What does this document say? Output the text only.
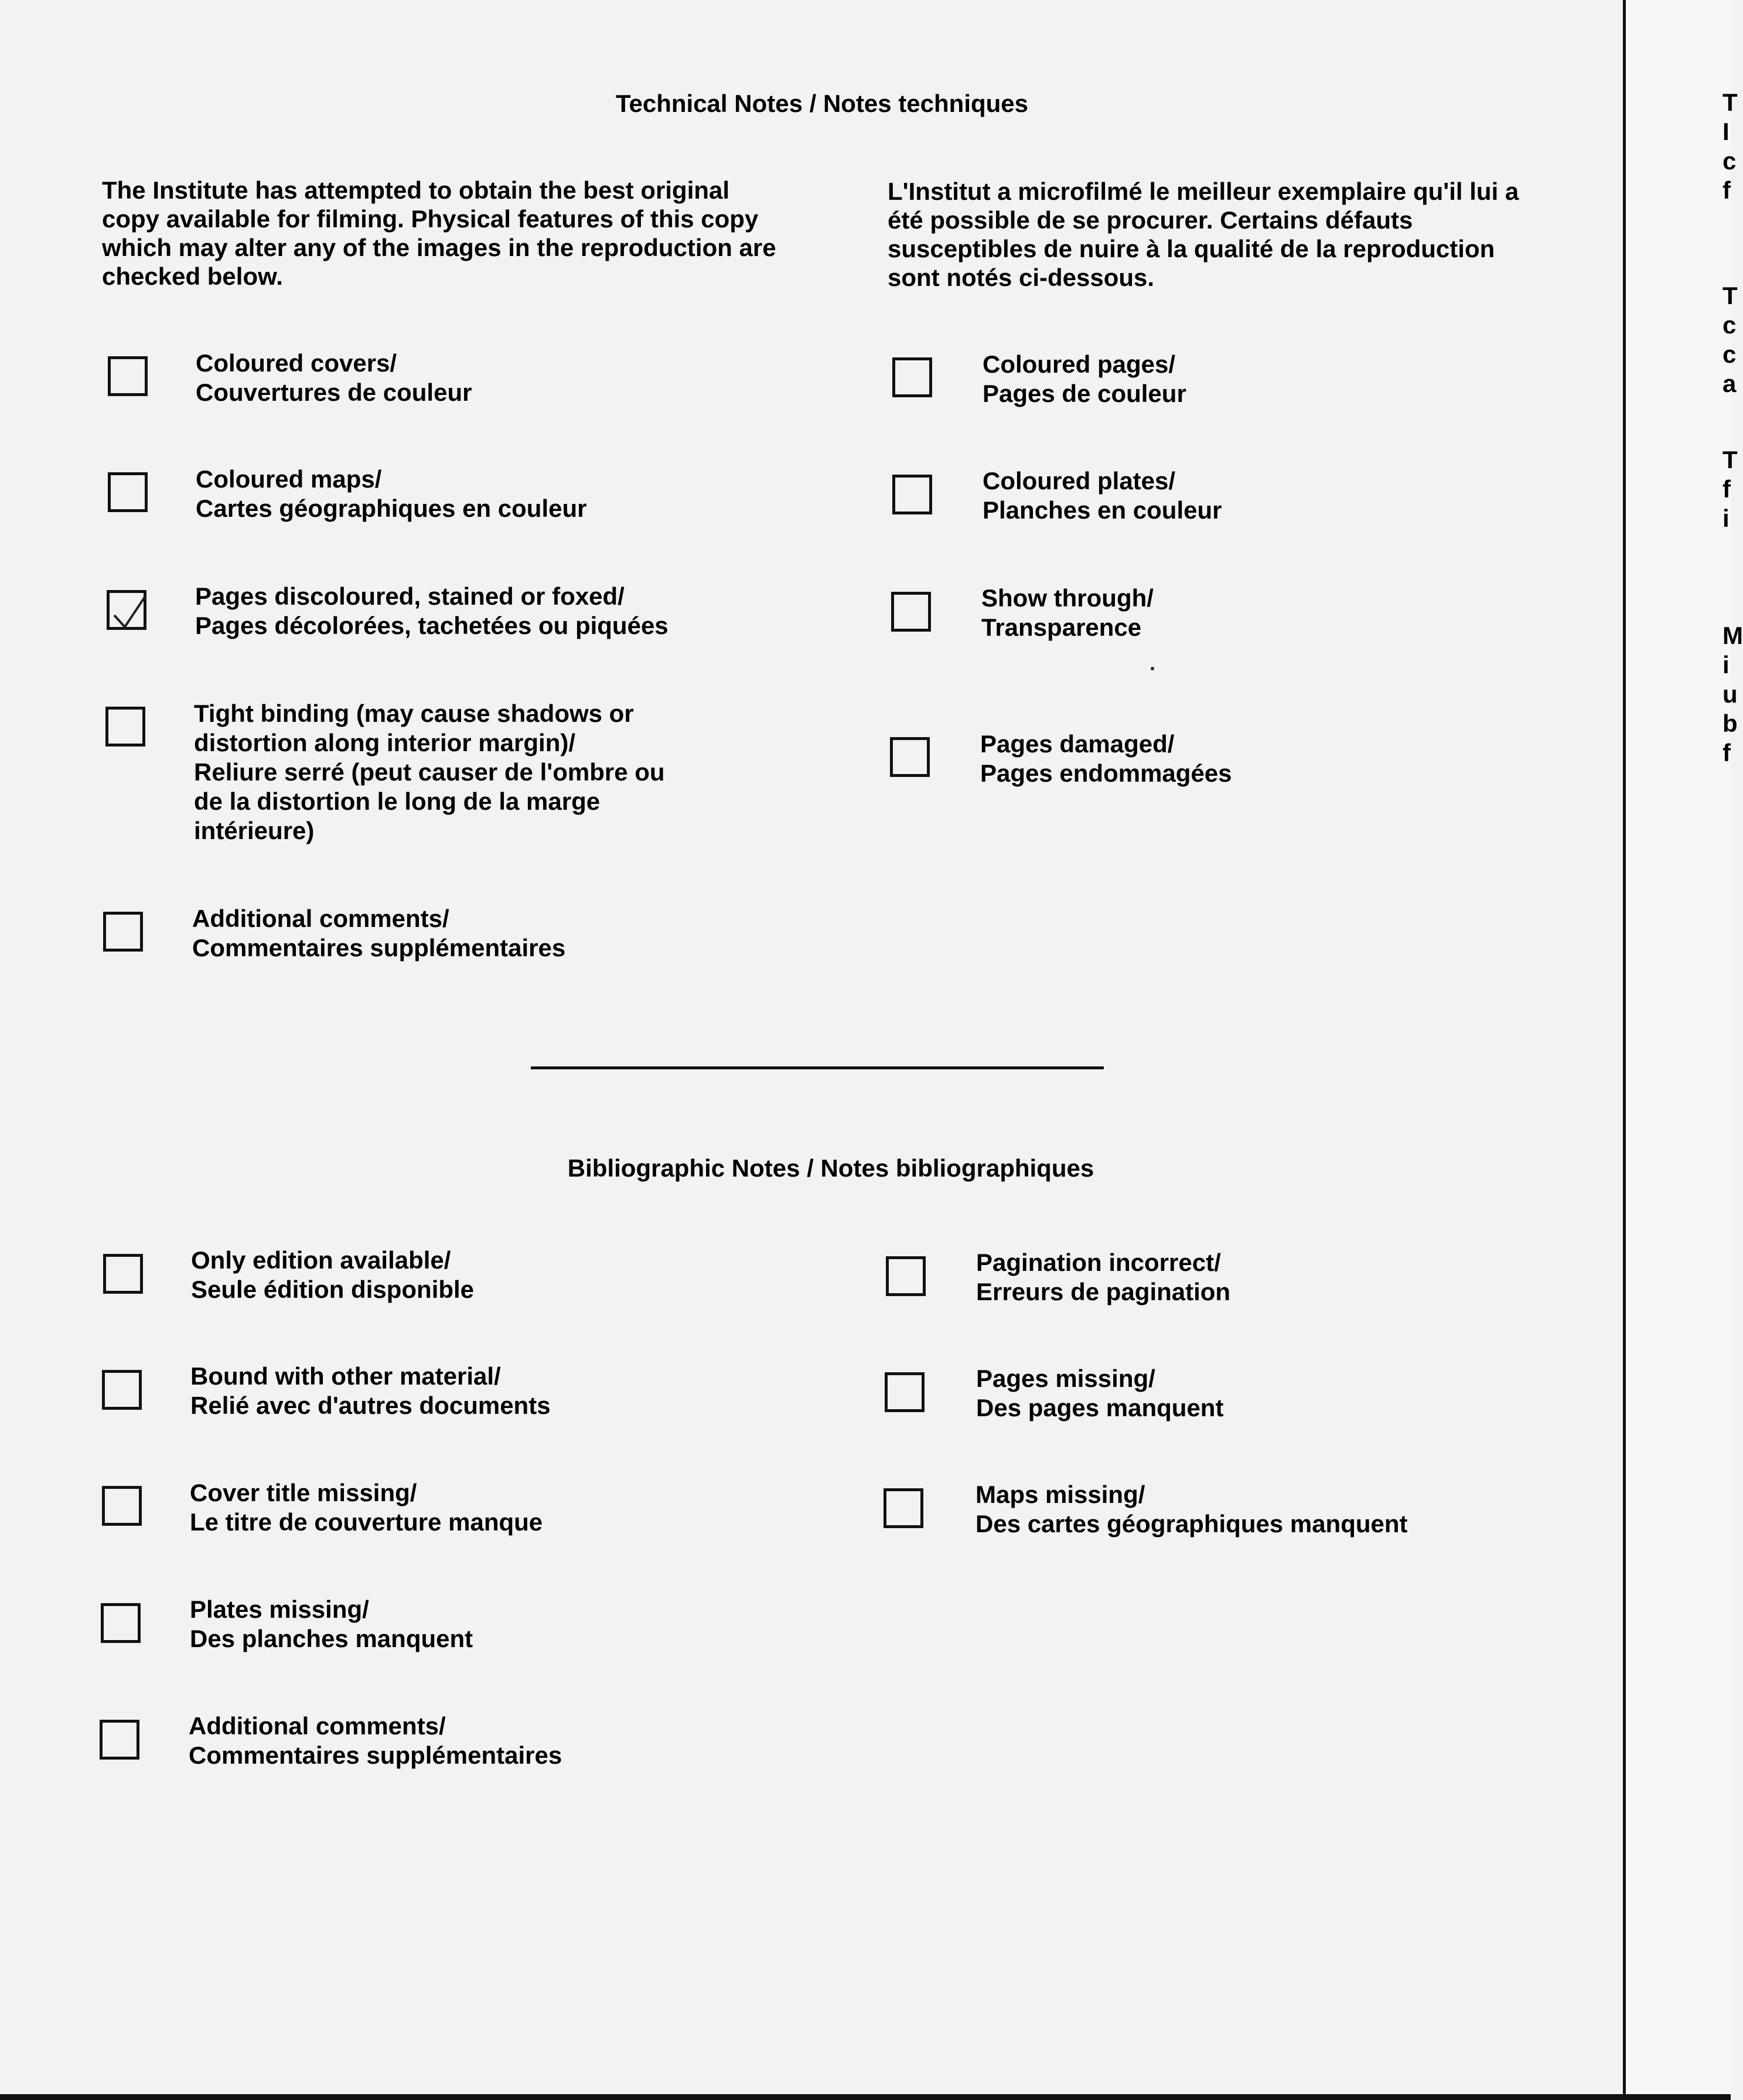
Technical Notes / Notes techniques
The Institute has attempted to obtain the best original copy available for filming. Physical features of this copy which may alter any of the images in the reproduction are checked below.
L'Institut a microfilmé le meilleur exemplaire qu'il lui a été possible de se procurer. Certains défauts susceptibles de nuire à la qualité de la reproduction sont notés ci-dessous.
Coloured covers/
Couvertures de couleur
Coloured maps/
Cartes géographiques en couleur
Pages discoloured, stained or foxed/
Pages décolorées, tachetées ou piquées
Tight binding (may cause shadows or
distortion along interior margin)/
Reliure serré (peut causer de l'ombre ou
de la distortion le long de la marge
intérieure)
Additional comments/
Commentaires supplémentaires
Coloured pages/
Pages de couleur
Coloured plates/
Planches en couleur
Show through/
Transparence
Pages damaged/
Pages endommagées
Bibliographic Notes / Notes bibliographiques
Only edition available/
Seule édition disponible
Bound with other material/
Relié avec d'autres documents
Cover title missing/
Le titre de couverture manque
Plates missing/
Des planches manquent
Additional comments/
Commentaires supplémentaires
Pagination incorrect/
Erreurs de pagination
Pages missing/
Des pages manquent
Maps missing/
Des cartes géographiques manquent
T
I
c
f
T
c
c
a
T
f
i
M
i
u
b
f
